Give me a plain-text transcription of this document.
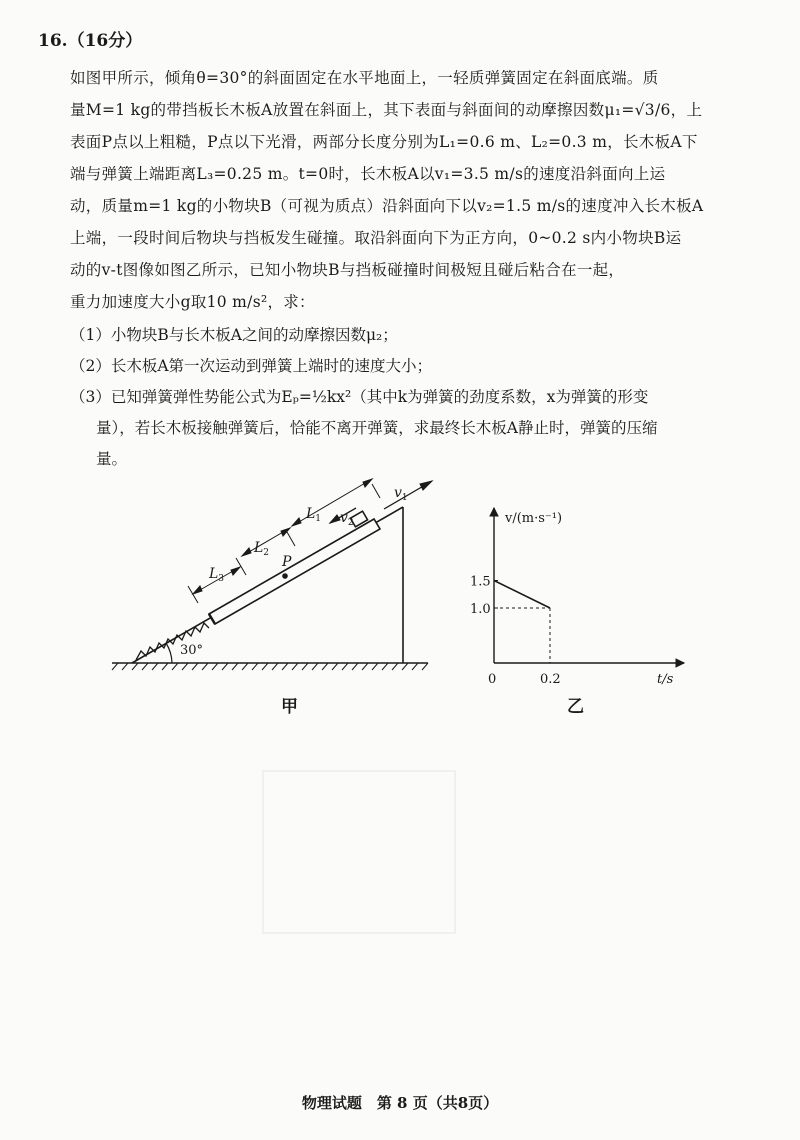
16.（16分）

如图甲所示，倾角θ=30°的斜面固定在水平地面上，一轻质弹簧固定在斜面底端。质

量M=1 kg的带挡板长木板A放置在斜面上，其下表面与斜面间的动摩擦因数μ₁=√3/6，上

表面P点以上粗糙，P点以下光滑，两部分长度分别为L₁=0.6 m、L₂=0.3 m，长木板A下

端与弹簧上端距离L₃=0.25 m。t=0时，长木板A以v₁=3.5 m/s的速度沿斜面向上运

动，质量m=1 kg的小物块B（可视为质点）沿斜面向下以v₂=1.5 m/s的速度冲入长木板A

上端，一段时间后物块与挡板发生碰撞。取沿斜面向下为正方向，0~0.2 s内小物块B运

动的v-t图像如图乙所示，已知小物块B与挡板碰撞时间极短且碰后粘合在一起，

重力加速度大小g取10 m/s²，求：

（1）小物块B与长木板A之间的动摩擦因数μ₂；

（2）长木板A第一次运动到弹簧上端时的速度大小；

（3）已知弹簧弹性势能公式为Eₚ=½kx²（其中k为弹簧的劲度系数，x为弹簧的形变

量），若长木板接触弹簧后，恰能不离开弹簧，求最终长木板A静止时，弹簧的压缩

量。

30°
$L_3$
$L_2$
$L_1$
P
$v_1$
$v_2$	v/(m·s⁻¹)
t/s
0
1.5
1.0
0.2
甲	乙
物理试题　第 8 页（共8页）
